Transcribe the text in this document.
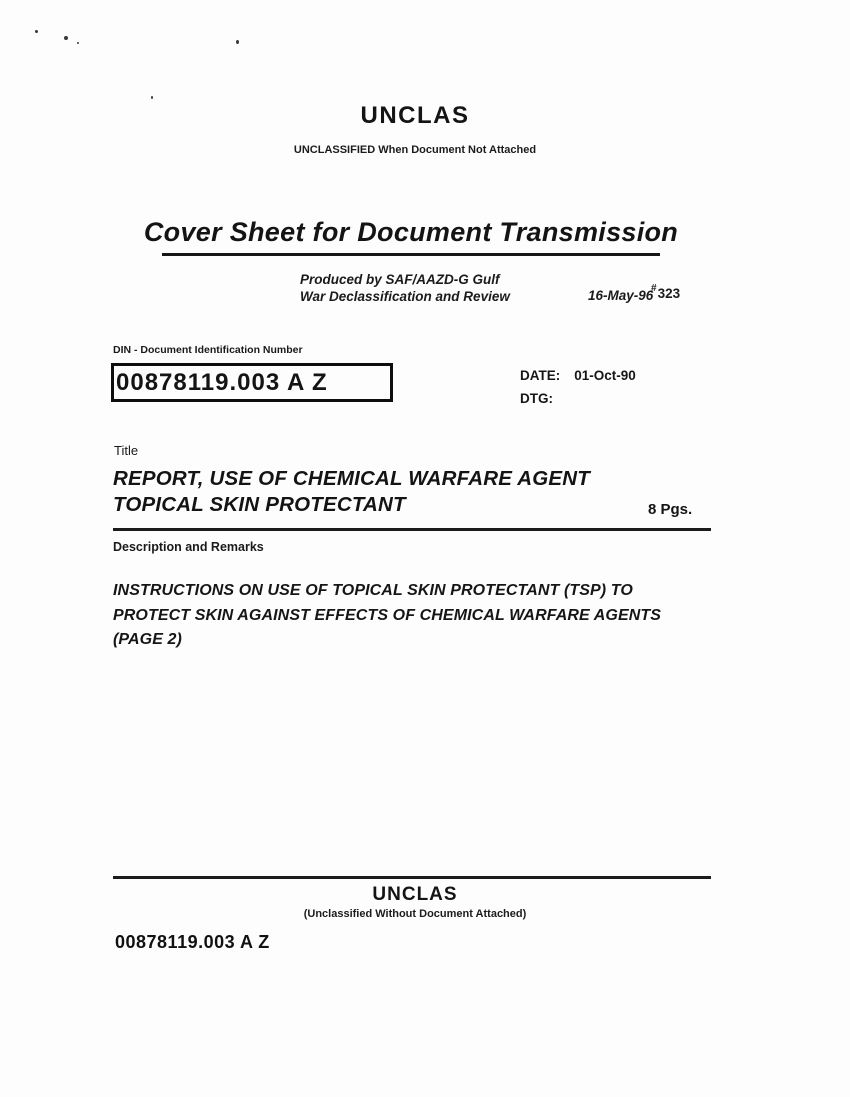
UNCLAS
UNCLASSIFIED When Document Not Attached
Cover Sheet for Document Transmission
Produced by SAF/AAZD-G Gulf
War Declassification and Review	16-May-96
#323
DIN - Document Identification Number
00878119.003 A Z	DATE: 01-Oct-90
DTG:
Title
REPORT, USE OF CHEMICAL WARFARE AGENT
TOPICAL SKIN PROTECTANT	8 Pgs.
Description and Remarks
INSTRUCTIONS ON USE OF TOPICAL SKIN PROTECTANT (TSP) TO
PROTECT SKIN AGAINST EFFECTS OF CHEMICAL WARFARE AGENTS
(PAGE 2)
UNCLAS
(Unclassified Without Document Attached)
00878119.003 A Z
